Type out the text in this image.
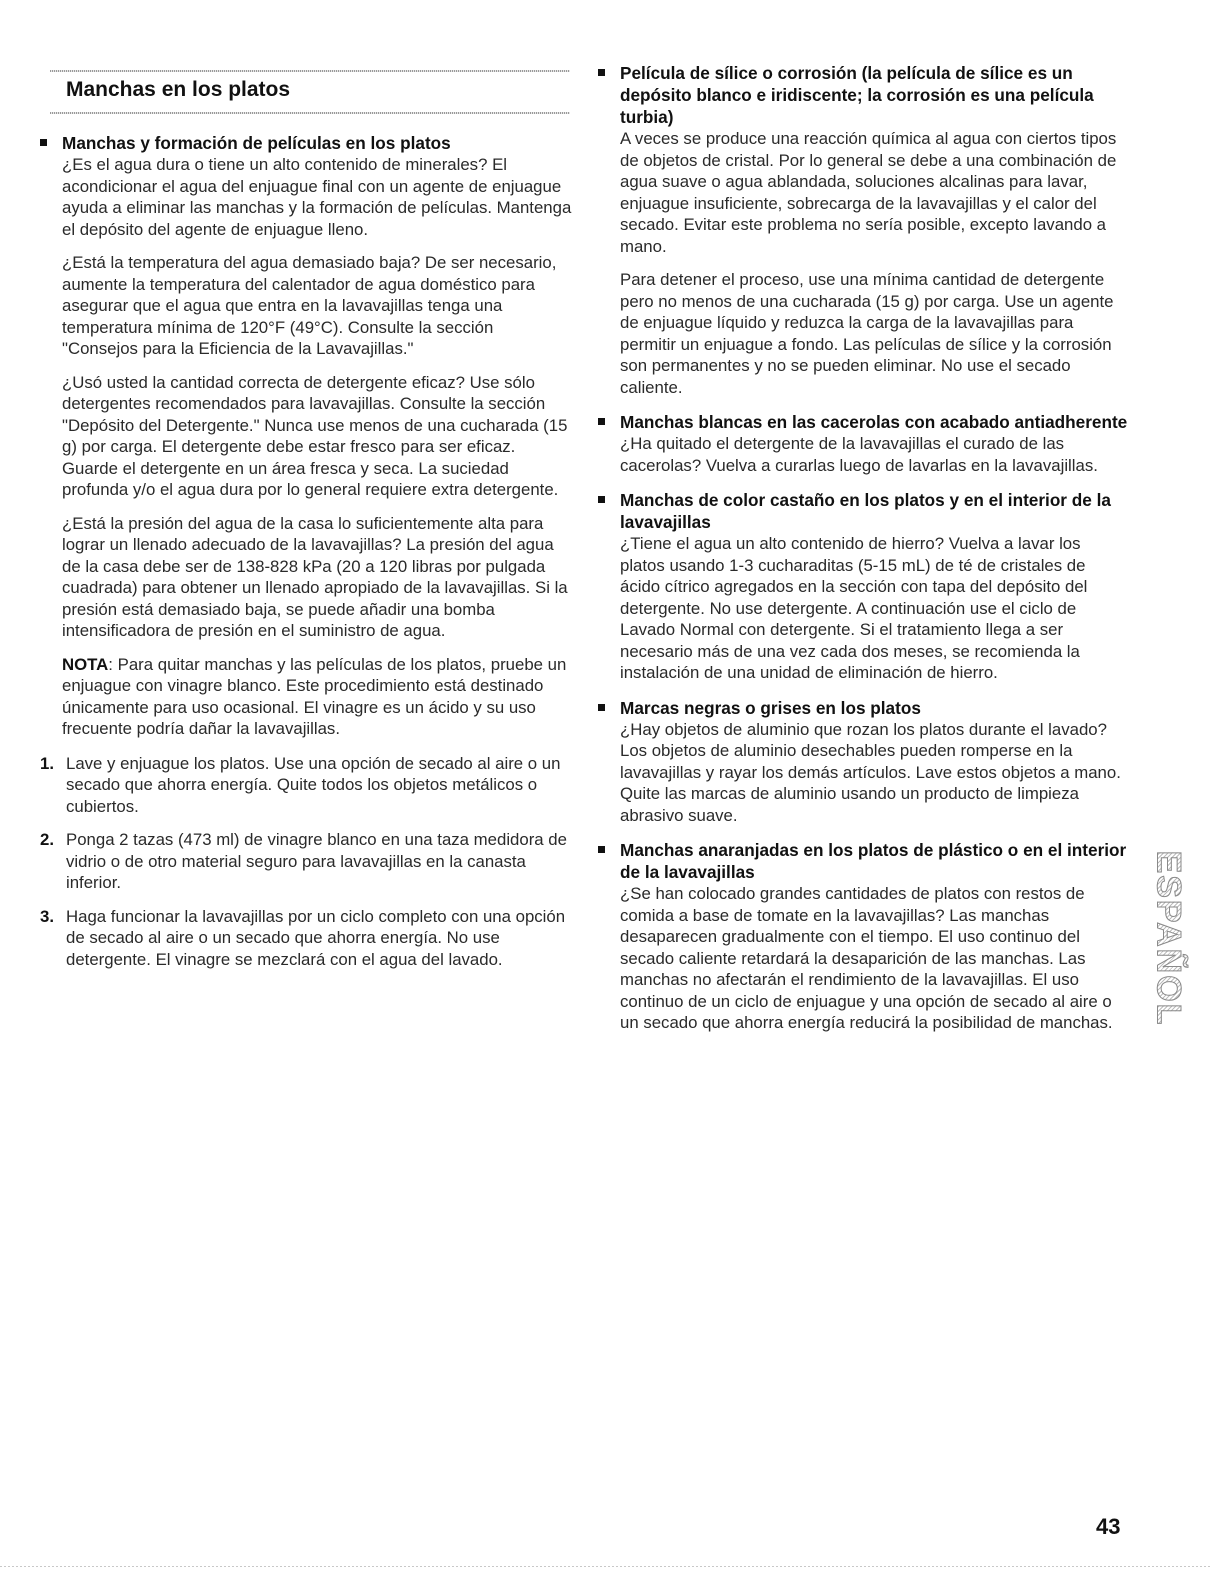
Manchas en los platos

Manchas y formación de películas en los platos

¿Es el agua dura o tiene un alto contenido de minerales? El acondicionar el agua del enjuague final con un agente de enjuague ayuda a eliminar las manchas y la formación de películas. Mantenga el depósito del agente de enjuague lleno.

¿Está la temperatura del agua demasiado baja? De ser necesario, aumente la temperatura del calentador de agua doméstico para asegurar que el agua que entra en la lavavajillas tenga una temperatura mínima de 120°F (49°C). Consulte la sección "Consejos para la Eficiencia de la Lavavajillas."

¿Usó usted la cantidad correcta de detergente eficaz? Use sólo detergentes recomendados para lavavajillas. Consulte la sección "Depósito del Detergente." Nunca use menos de una cucharada (15 g) por carga. El detergente debe estar fresco para ser eficaz. Guarde el detergente en un área fresca y seca. La suciedad profunda y/o el agua dura por lo general requiere extra detergente.

¿Está la presión del agua de la casa lo suficientemente alta para lograr un llenado adecuado de la lavavajillas? La presión del agua de la casa debe ser de 138-828 kPa (20 a 120 libras por pulgada cuadrada) para obtener un llenado apropiado de la lavavajillas. Si la presión está demasiado baja, se puede añadir una bomba intensificadora de presión en el suministro de agua.

NOTA: Para quitar manchas y las películas de los platos, pruebe un enjuague con vinagre blanco. Este procedimiento está destinado únicamente para uso ocasional. El vinagre es un ácido y su uso frecuente podría dañar la lavavajillas.

1. Lave y enjuague los platos. Use una opción de secado al aire o un secado que ahorra energía. Quite todos los objetos metálicos o cubiertos.
2. Ponga 2 tazas (473 ml) de vinagre blanco en una taza medidora de vidrio o de otro material seguro para lavavajillas en la canasta inferior.
3. Haga funcionar la lavavajillas por un ciclo completo con una opción de secado al aire o un secado que ahorra energía. No use detergente. El vinagre se mezclará con el agua del lavado.

Película de sílice o corrosión (la película de sílice es un depósito blanco e iridiscente; la corrosión es una película turbia)

A veces se produce una reacción química al agua con ciertos tipos de objetos de cristal. Por lo general se debe a una combinación de agua suave o agua ablandada, soluciones alcalinas para lavar, enjuague insuficiente, sobrecarga de la lavavajillas y el calor del secado. Evitar este problema no sería posible, excepto lavando a mano.

Para detener el proceso, use una mínima cantidad de detergente pero no menos de una cucharada (15 g) por carga. Use un agente de enjuague líquido y reduzca la carga de la lavavajillas para permitir un enjuague a fondo. Las películas de sílice y la corrosión son permanentes y no se pueden eliminar. No use el secado caliente.

Manchas blancas en las cacerolas con acabado antiadherente

¿Ha quitado el detergente de la lavavajillas el curado de las cacerolas? Vuelva a curarlas luego de lavarlas en la lavavajillas.

Manchas de color castaño en los platos y en el interior de la lavavajillas

¿Tiene el agua un alto contenido de hierro? Vuelva a lavar los platos usando 1-3 cucharaditas (5-15 mL) de té de cristales de ácido cítrico agregados en la sección con tapa del depósito del detergente. No use detergente. A continuación use el ciclo de Lavado Normal con detergente. Si el tratamiento llega a ser necesario más de una vez cada dos meses, se recomienda la instalación de una unidad de eliminación de hierro.

Marcas negras o grises en los platos

¿Hay objetos de aluminio que rozan los platos durante el lavado? Los objetos de aluminio desechables pueden romperse en la lavavajillas y rayar los demás artículos. Lave estos objetos a mano. Quite las marcas de aluminio usando un producto de limpieza abrasivo suave.

Manchas anaranjadas en los platos de plástico o en el interior de la lavavajillas

¿Se han colocado grandes cantidades de platos con restos de comida a base de tomate en la lavavajillas? Las manchas desaparecen gradualmente con el tiempo. El uso continuo del secado caliente retardará la desaparición de las manchas. Las manchas no afectarán el rendimiento de la lavavajillas. El uso continuo de un ciclo de enjuague y una opción de secado al aire o un secado que ahorra energía reducirá la posibilidad de manchas.	ESPAÑOL
43
